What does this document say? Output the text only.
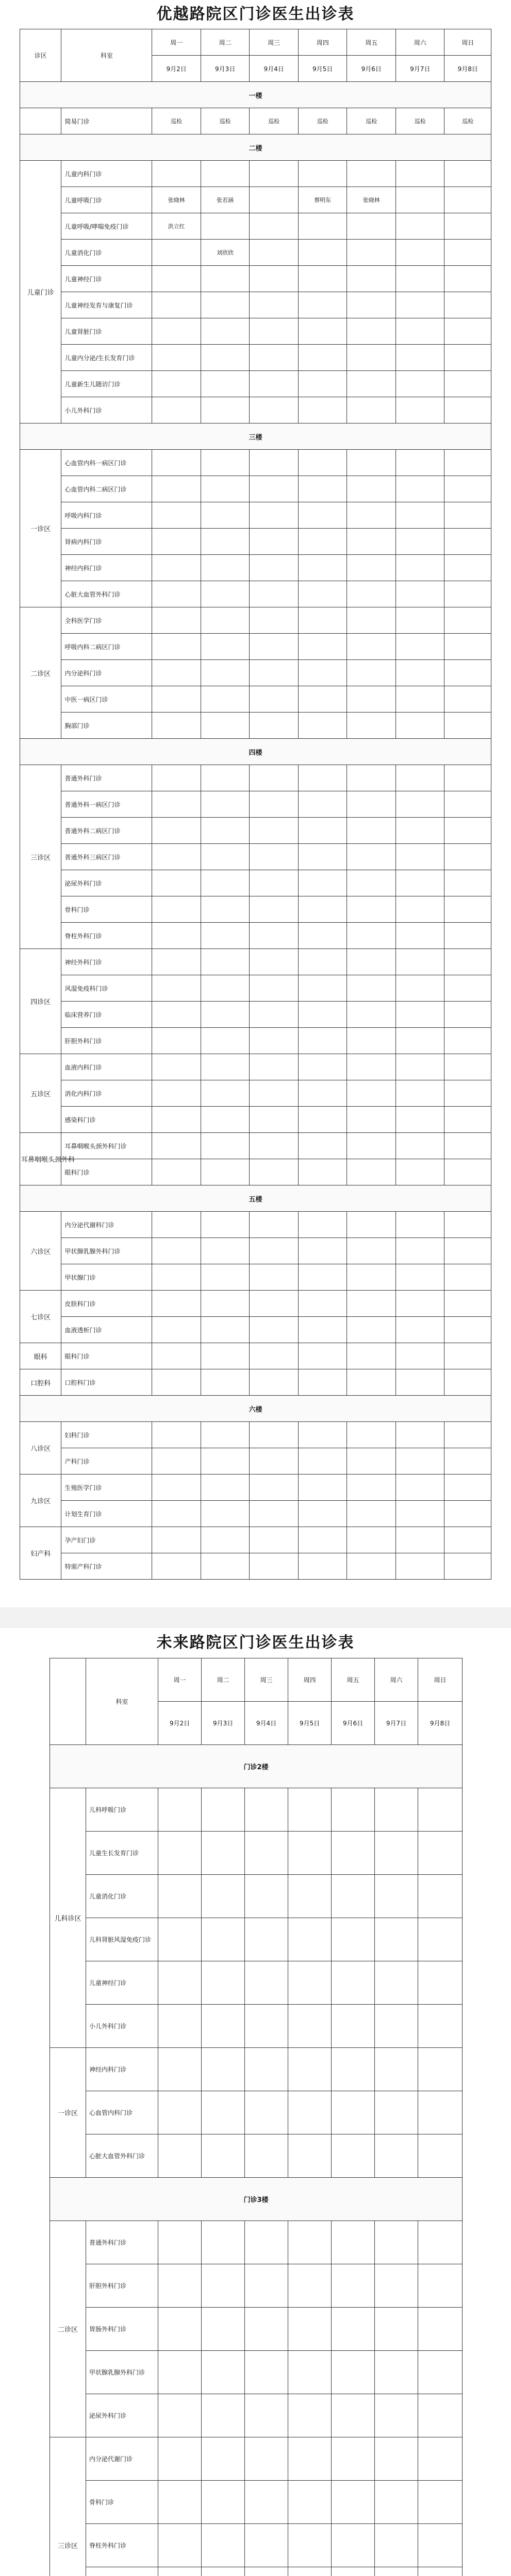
优越路院区门诊医生出诊表
未来路院区门诊医生出诊表
诊区	科室	周一	周二	周三	周四	周五	周六	周日
		9月2日	9月3日	9月4日	9月5日	9月6日	9月7日	9月8日
一楼								
	简易门诊	巡检	巡检	巡检	巡检	巡检	巡检	巡检
二楼								
儿童门诊	儿童内科门诊							
	儿童呼吸门诊	张晓林	张若涵		蔡明东	张晓林		
	儿童呼吸/哮喘免疫门诊	洪立红						
	儿童消化门诊		刘欣欣					
	儿童神经门诊							
	儿童神经发育与康复门诊							
	儿童肾脏门诊							
	儿童内分泌/生长发育门诊							
	儿童新生儿随访门诊							
	小儿外科门诊							
三楼								
一诊区	心血管内科一病区门诊							
	心血管内科二病区门诊							
	呼吸内科门诊							
	肾病内科门诊							
	神经内科门诊							
	心脏大血管外科门诊							
二诊区	全科医学门诊							
	呼吸内科二病区门诊							
	内分泌科门诊							
	中医一病区门诊							
	胸部门诊							
四楼								
三诊区	普通外科门诊							
	普通外科一病区门诊							
	普通外科二病区门诊							
	普通外科三病区门诊							
	泌尿外科门诊							
	骨科门诊							
	脊柱外科门诊							
四诊区	神经外科门诊							
	风湿免疫科门诊							
	临床营养门诊							
	肝胆外科门诊							
五诊区	血液内科门诊							
	消化内科门诊							
	感染科门诊							
耳鼻咽喉头颈外科	耳鼻咽喉头颈外科门诊							
	眼科门诊							
五楼								
六诊区	内分泌代谢科门诊							
	甲状腺乳腺外科门诊							
	甲状腺门诊							
七诊区	皮肤科门诊							
	血液透析门诊							
眼科	眼科门诊							
口腔科	口腔科门诊							
六楼								
八诊区	妇科门诊							
	产科门诊							
九诊区	生殖医学门诊							
	计划生育门诊							
妇产科	孕产妇门诊							
	特需产科门诊							
	科室	周一	周二	周三	周四	周五	周六	周日
		9月2日	9月3日	9月4日	9月5日	9月6日	9月7日	9月8日
门诊2楼								
儿科诊区	儿科呼吸门诊							
	儿童生长发育门诊							
	儿童消化门诊							
	儿科肾脏风湿免疫门诊							
	儿童神经门诊							
	小儿外科门诊							
一诊区	神经内科门诊							
	心血管内科门诊							
	心脏大血管外科门诊							
门诊3楼								
二诊区	普通外科门诊							
	肝胆外科门诊							
	胃肠外科门诊							
	甲状腺乳腺外科门诊							
	泌尿外科门诊							
三诊区	内分泌代谢门诊							
	骨科门诊							
	脊柱外科门诊							
